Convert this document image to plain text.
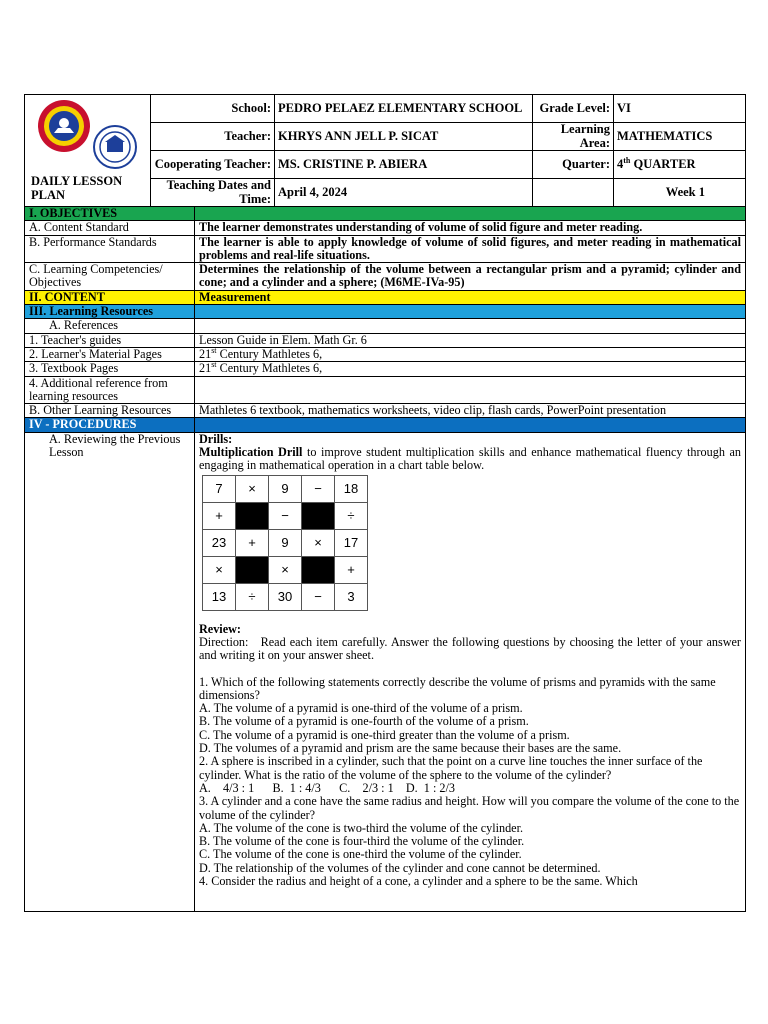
DAILY LESSON PLAN	School:	PEDRO PELAEZ ELEMENTARY SCHOOL	Grade Level:	VI
	Teacher:	KHRYS ANN JELL P. SICAT	Learning Area:	MATHEMATICS
	Cooperating Teacher:	MS. CRISTINE P. ABIERA	Quarter:	4th QUARTER
	Teaching Dates and Time:	April 4, 2024		Week 1
I. OBJECTIVES	
A. Content Standard	The learner demonstrates understanding of volume of solid figure and meter reading.
B. Performance Standards	The learner is able to apply knowledge of volume of solid figures, and meter reading in mathematical problems and real-life situations.
C. Learning Competencies/ Objectives	Determines the relationship of the volume between a rectangular prism and a pyramid; cylinder and cone; and a cylinder and a sphere; (M6ME-IVa-95)
II. CONTENT	Measurement
III. Learning Resources	
A. References	
1. Teacher's guides	Lesson Guide in Elem. Math Gr. 6
2. Learner's Material Pages	21st Century Mathletes 6,
3. Textbook Pages	21st Century Mathletes 6,
4. Additional reference from learning resources	
B. Other Learning Resources	Mathletes 6 textbook, mathematics worksheets, video clip, flash cards, PowerPoint presentation
IV - PROCEDURES	
A. Reviewing the Previous Lesson	
Drills:
Multiplication Drill to improve student multiplication skills and enhance mathematical fluency through an engaging in mathematical operation in a chart table below.
7	×	9	−	18
+		−		÷
23	+	9	×	17
×		×		+
13	÷	30	−	3
Review:
Direction:   Read each item carefully. Answer the following questions by choosing the letter of your answer and writing it on your answer sheet.

1. Which of the following statements correctly describe the volume of prisms and pyramids with the same dimensions?

A. The volume of a pyramid is one-third of the volume of a prism.

B. The volume of a pyramid is one-fourth of the volume of a prism.

C. The volume of a pyramid is one-third greater than the volume of a prism.

D. The volumes of a pyramid and prism are the same because their bases are the same.

2. A sphere is inscribed in a cylinder, such that the point on a curve line touches the inner surface of the cylinder. What is the ratio of the volume of the sphere to the volume of the cylinder?

A.    4/3 : 1      B.  1 : 4/3      C.    2/3 : 1    D.  1 : 2/3

3. A cylinder and a cone have the same radius and height. How will you compare the volume of the cone to the volume of the cylinder?

A. The volume of the cone is two-third the volume of the cylinder.

B. The volume of the cone is four-third the volume of the cylinder.

C. The volume of the cone is one-third the volume of the cylinder.

D. The relationship of the volumes of the cylinder and cone cannot be determined.

4. Consider the radius and height of a cone, a cylinder and a sphere to be the same. Which
